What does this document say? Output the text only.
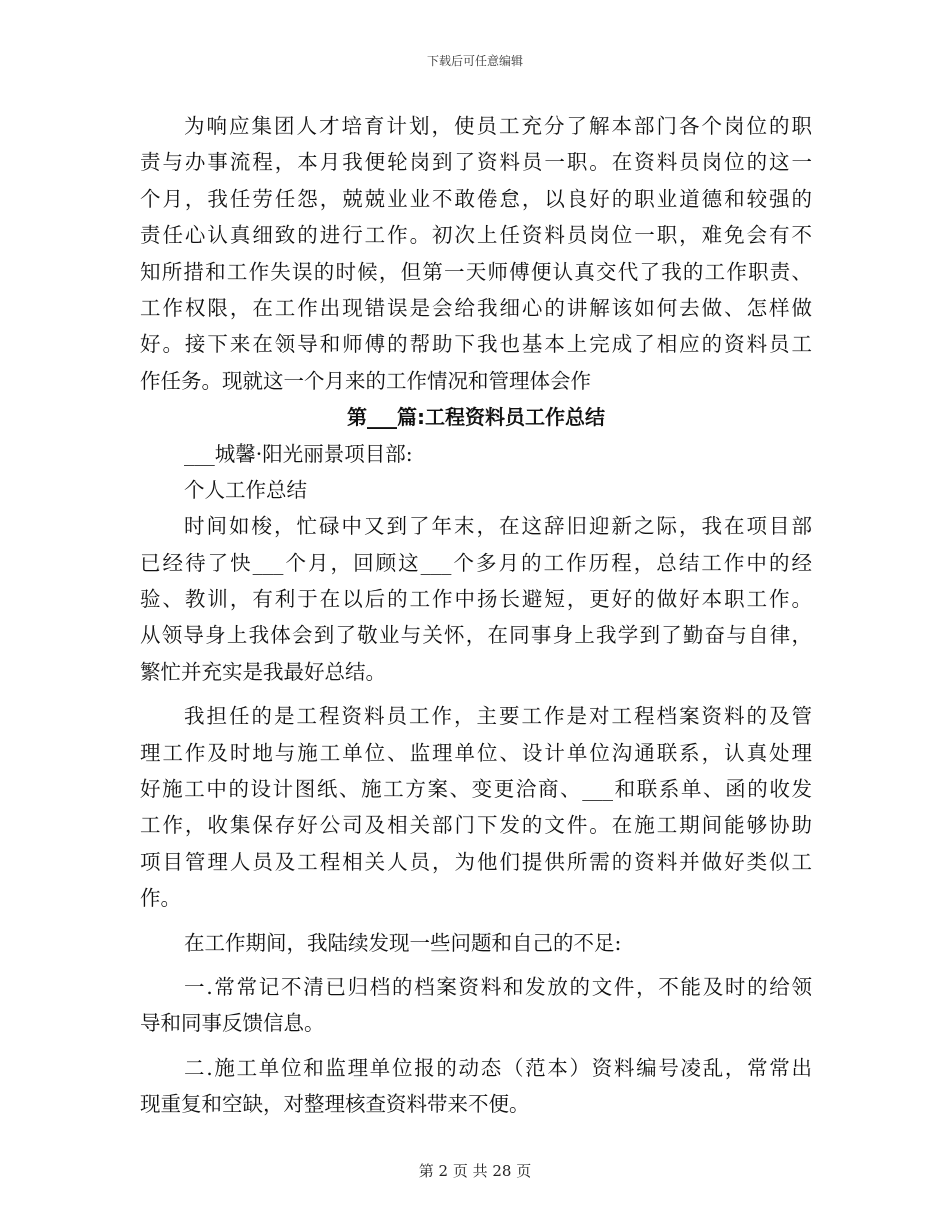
下载后可任意编辑
为响应集团人才培育计划，使员工充分了解本部门各个岗位的职
责与办事流程，本月我便轮岗到了资料员一职。在资料员岗位的这一
个月，我任劳任怨，兢兢业业不敢倦怠，以良好的职业道德和较强的
责任心认真细致的进行工作。初次上任资料员岗位一职，难免会有不
知所措和工作失误的时候，但第一天师傅便认真交代了我的工作职责、
工作权限，在工作出现错误是会给我细心的讲解该如何去做、怎样做
好。接下来在领导和师傅的帮助下我也基本上完成了相应的资料员工
作任务。现就这一个月来的工作情况和管理体会作
第___篇:工程资料员工作总结
___城馨·阳光丽景项目部:
个人工作总结
时间如梭，忙碌中又到了年末，在这辞旧迎新之际，我在项目部
已经待了快___个月，回顾这___个多月的工作历程，总结工作中的经
验、教训，有利于在以后的工作中扬长避短，更好的做好本职工作。
从领导身上我体会到了敬业与关怀，在同事身上我学到了勤奋与自律，
繁忙并充实是我最好总结。
我担任的是工程资料员工作，主要工作是对工程档案资料的及管
理工作及时地与施工单位、监理单位、设计单位沟通联系，认真处理
好施工中的设计图纸、施工方案、变更洽商、___和联系单、函的收发
工作，收集保存好公司及相关部门下发的文件。在施工期间能够协助
项目管理人员及工程相关人员，为他们提供所需的资料并做好类似工
作。
在工作期间，我陆续发现一些问题和自己的不足:
一.常常记不清已归档的档案资料和发放的文件，不能及时的给领
导和同事反馈信息。
二.施工单位和监理单位报的动态（范本）资料编号凌乱，常常出
现重复和空缺，对整理核查资料带来不便。
第 2 页 共 28 页
